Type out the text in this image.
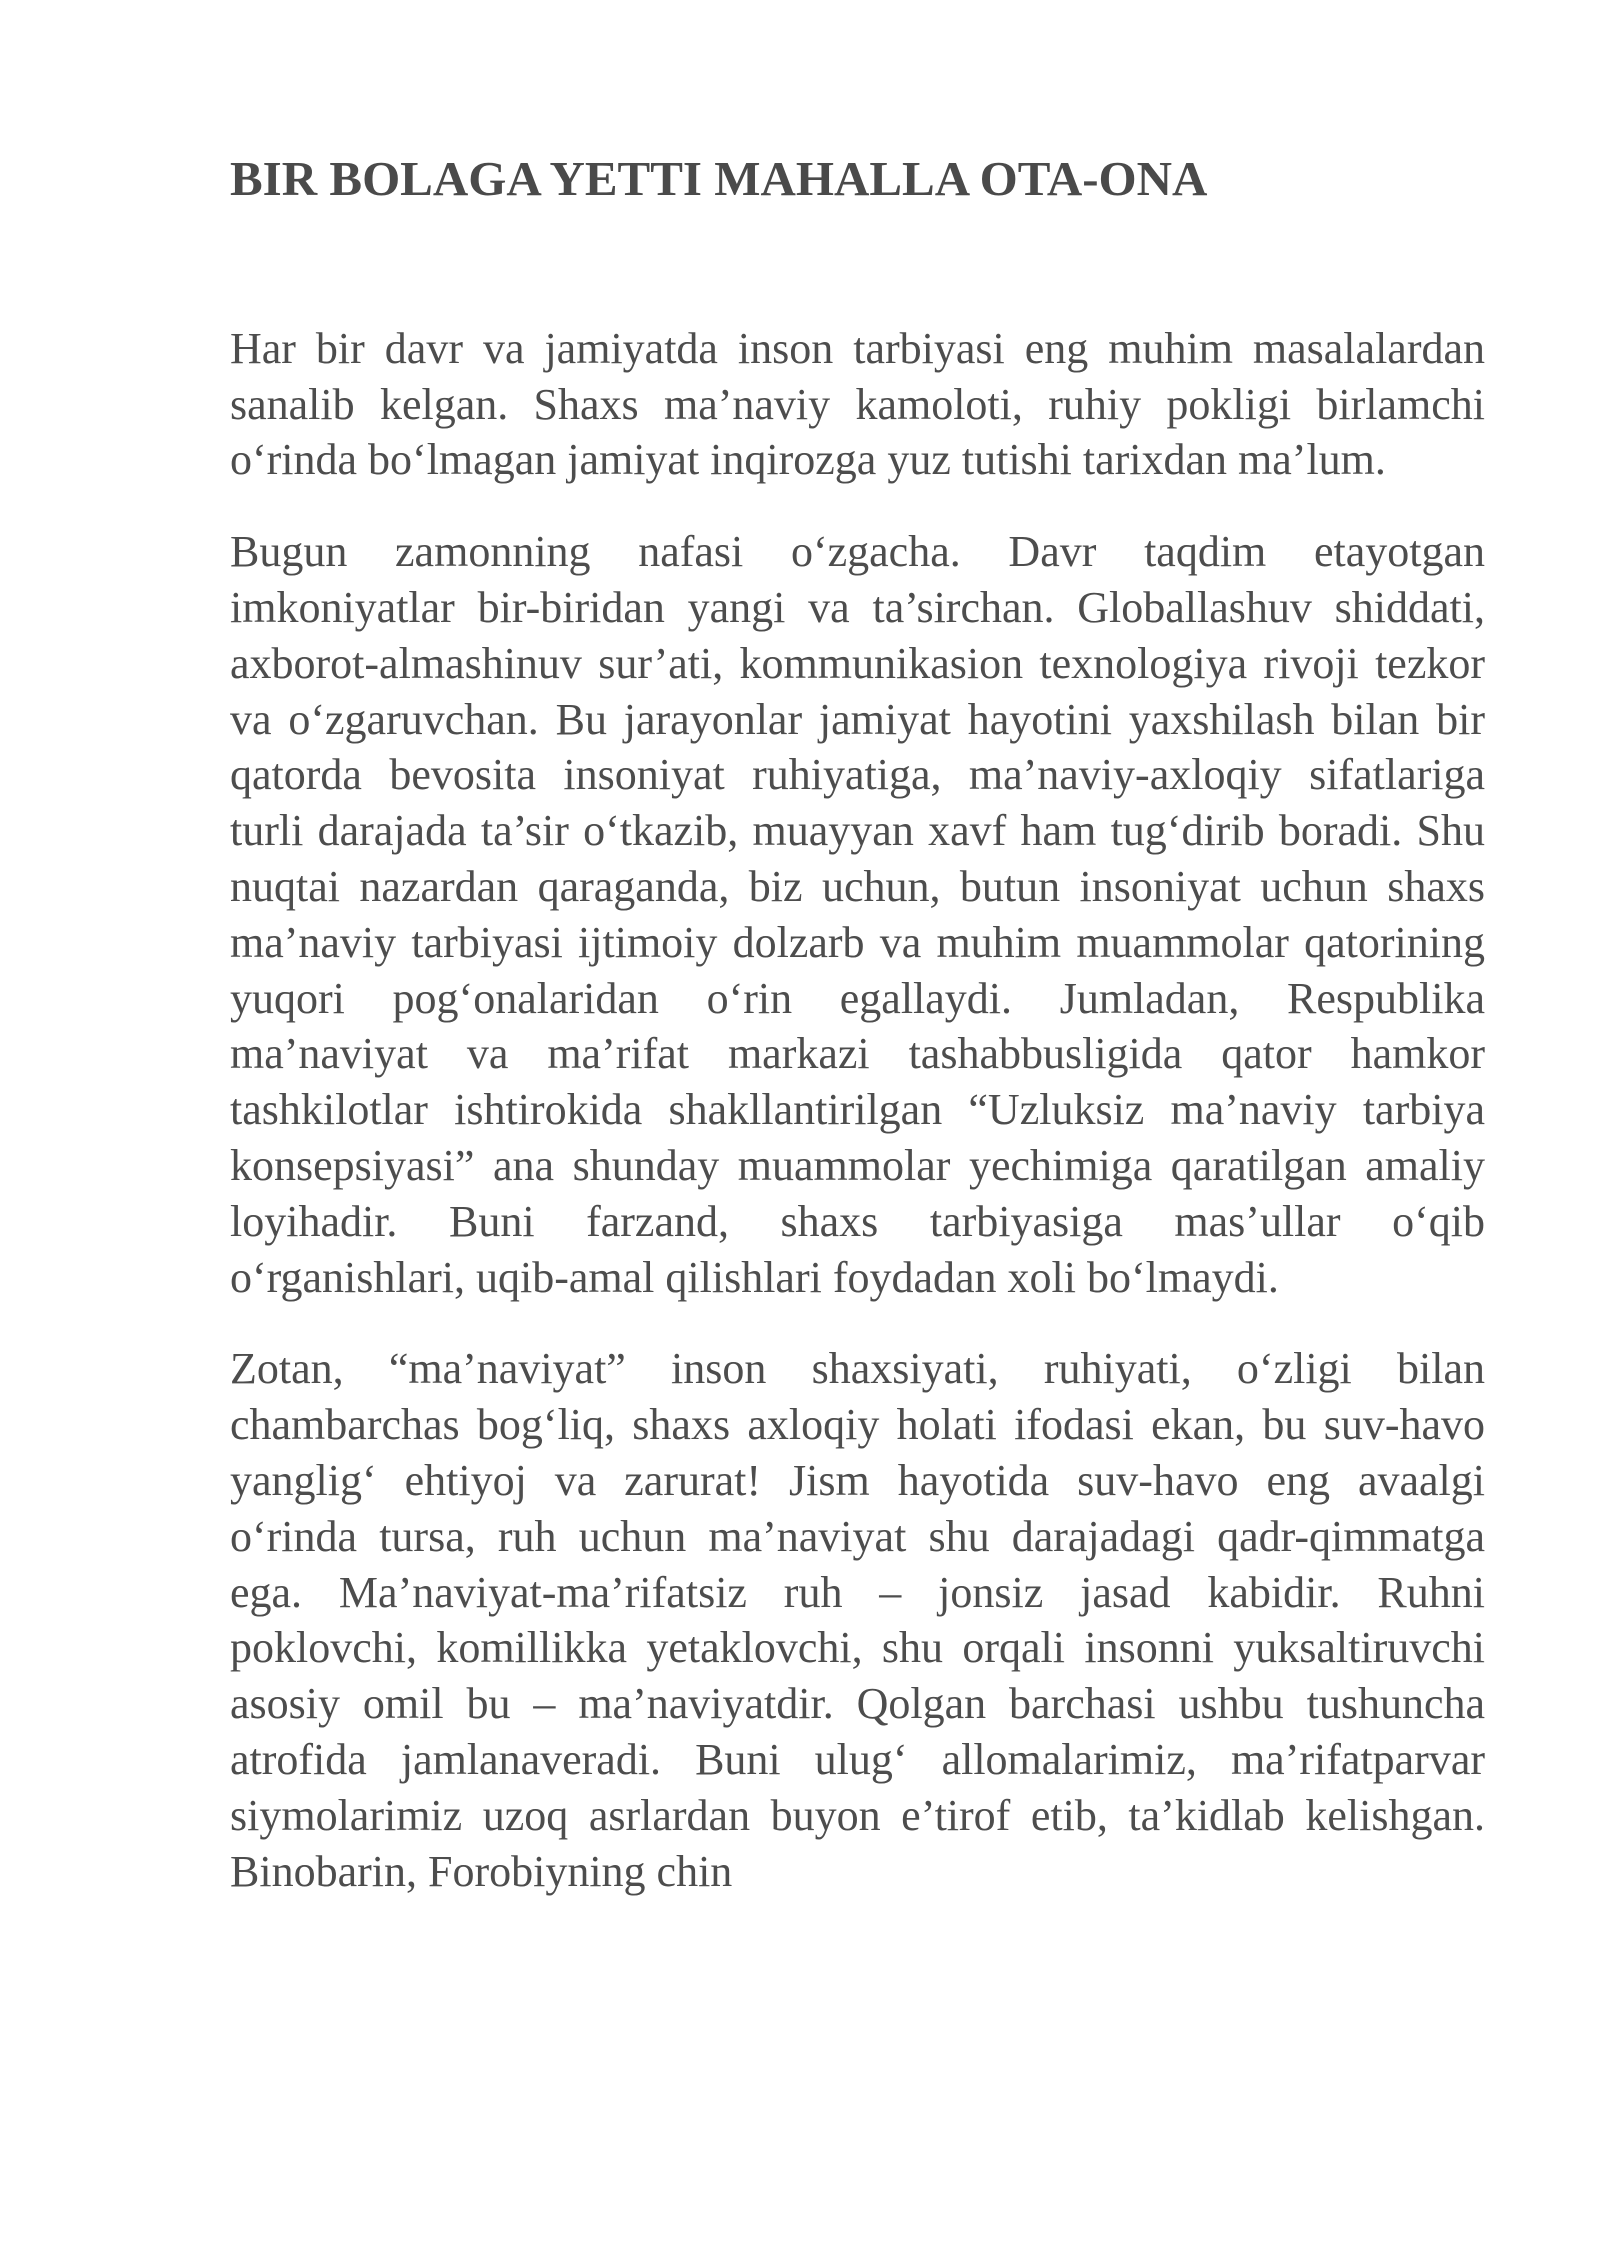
BIR BOLAGA YETTI MAHALLA OTA-ONA

Har bir davr va jamiyatda inson tarbiyasi eng muhim masalalardan sanalib kelgan. Shaxs ma’naviy kamoloti, ruhiy pokligi birlamchi o‘rinda bo‘lmagan jamiyat inqirozga yuz tutishi tarixdan ma’lum.

Bugun zamonning nafasi o‘zgacha. Davr taqdim etayotgan imkoniyatlar bir-biridan yangi va ta’sirchan. Globallashuv shiddati, axborot-almashinuv sur’ati, kommunikasion texnologiya rivoji tezkor va o‘zgaruvchan. Bu jarayonlar jamiyat hayotini yaxshilash bilan bir qatorda bevosita insoniyat ruhiyatiga, ma’naviy-axloqiy sifatlariga turli darajada ta’sir o‘tkazib, muayyan xavf ham tug‘dirib boradi. Shu nuqtai nazardan qaraganda, biz uchun, butun insoniyat uchun shaxs ma’naviy tarbiyasi ijtimoiy dolzarb va muhim muammolar qatorining yuqori pog‘onalaridan o‘rin egallaydi. Jumladan, Respublika ma’naviyat va ma’rifat markazi tashabbusligida qator hamkor tashkilotlar ishtirokida shakllantirilgan “Uzluksiz ma’naviy tarbiya konsepsiyasi” ana shunday muammolar yechimiga qaratilgan amaliy loyihadir. Buni farzand, shaxs tarbiyasiga mas’ullar o‘qib o‘rganishlari, uqib-amal qilishlari foydadan xoli bo‘lmaydi.

Zotan, “ma’naviyat” inson shaxsiyati, ruhiyati, o‘zligi bilan chambarchas bog‘liq, shaxs axloqiy holati ifodasi ekan, bu suv-havo yanglig‘ ehtiyoj va zarurat! Jism hayotida suv-havo eng avaalgi o‘rinda tursa, ruh uchun ma’naviyat shu darajadagi qadr-qimmatga ega. Ma’naviyat-ma’rifatsiz ruh – jonsiz jasad kabidir. Ruhni poklovchi, komillikka yetaklovchi, shu orqali insonni yuksaltiruvchi asosiy omil bu – ma’naviyatdir. Qolgan barchasi ushbu tushuncha atrofida jamlanaveradi. Buni ulug‘ allomalarimiz, ma’rifatparvar siymolarimiz uzoq asrlardan buyon e’tirof etib, ta’kidlab kelishgan. Binobarin, Forobiyning chin
